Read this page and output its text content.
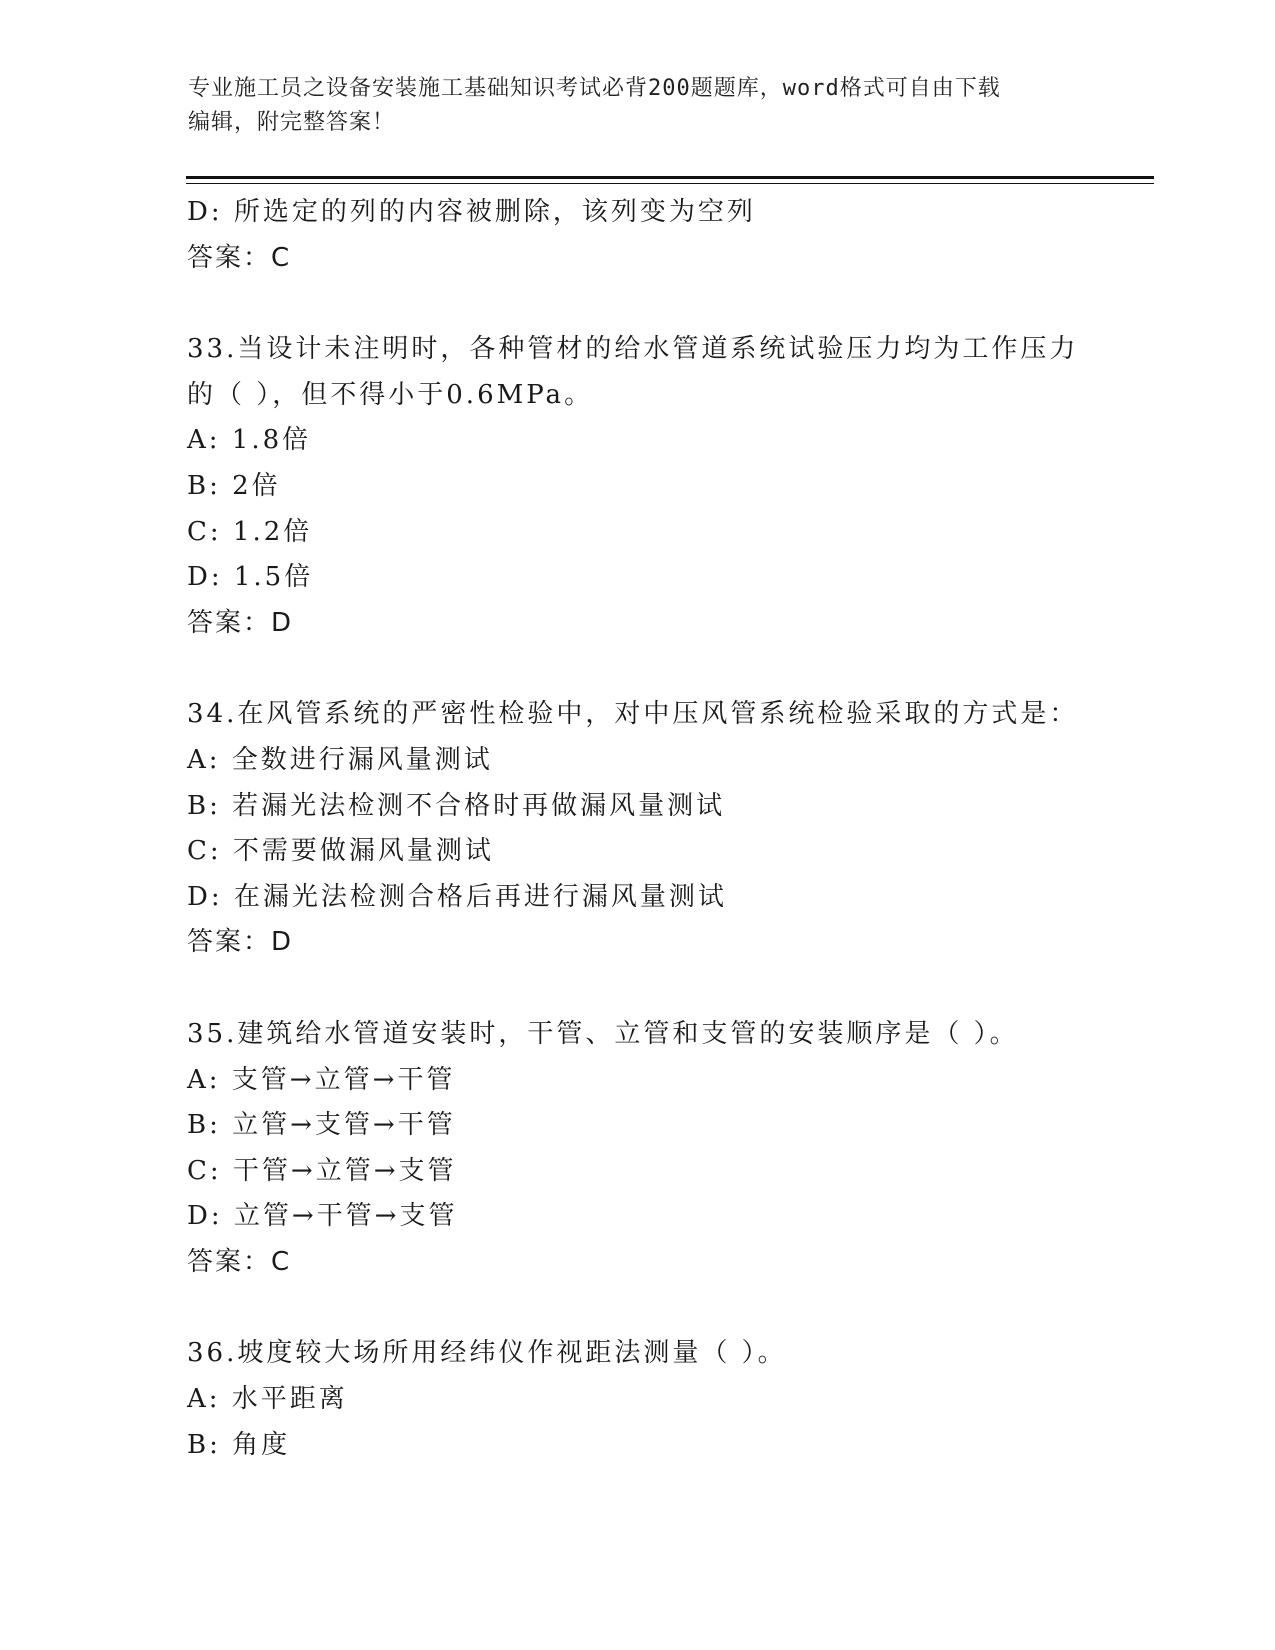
专业施工员之设备安装施工基础知识考试必背200题题库，word格式可自由下载
编辑，附完整答案！
D: 所选定的列的内容被删除，该列变为空列
答案：C
33.当设计未注明时，各种管材的给水管道系统试验压力均为工作压力
的（ ），但不得小于0.6MPa。
A: 1.8倍
B: 2倍
C: 1.2倍
D: 1.5倍
答案：D
34.在风管系统的严密性检验中，对中压风管系统检验采取的方式是：
A: 全数进行漏风量测试
B: 若漏光法检测不合格时再做漏风量测试
C: 不需要做漏风量测试
D: 在漏光法检测合格后再进行漏风量测试
答案：D
35.建筑给水管道安装时，干管、立管和支管的安装顺序是（ ）。
A: 支管→立管→干管
B: 立管→支管→干管
C: 干管→立管→支管
D: 立管→干管→支管
答案：C
36.坡度较大场所用经纬仪作视距法测量（ ）。
A: 水平距离
B: 角度
